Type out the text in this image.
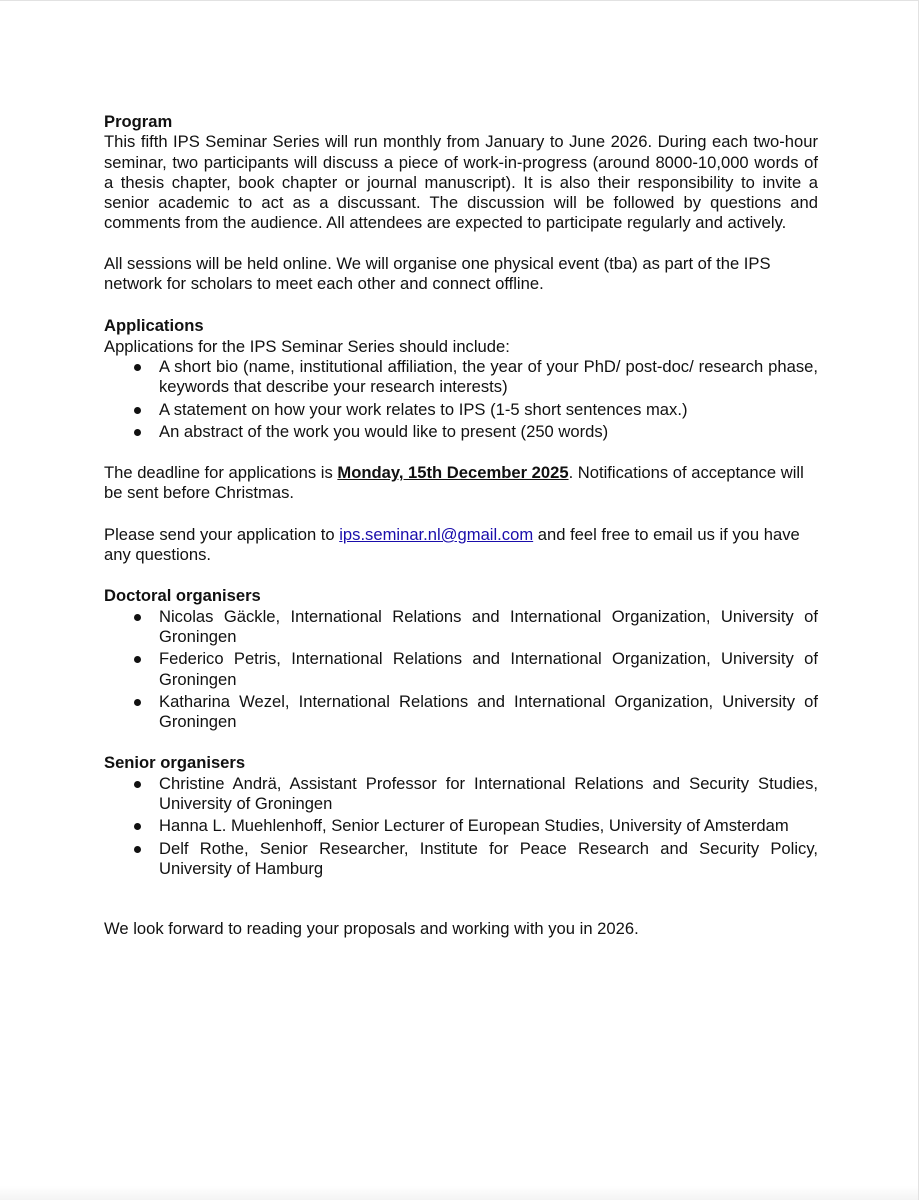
Program

This fifth IPS Seminar Series will run monthly from January to June 2026. During each two-hour seminar, two participants will discuss a piece of work-in-progress (around 8000-10,000 words of a thesis chapter, book chapter or journal manuscript). It is also their responsibility to invite a senior academic to act as a discussant. The discussion will be followed by questions and comments from the audience. All attendees are expected to participate regularly and actively.

All sessions will be held online. We will organise one physical event (tba) as part of the IPS network for scholars to meet each other and connect offline.

Applications

Applications for the IPS Seminar Series should include:

A short bio (name, institutional affiliation, the year of your PhD/ post-doc/ research phase, keywords that describe your research interests)
A statement on how your work relates to IPS (1-5 short sentences max.)
An abstract of the work you would like to present (250 words)

The deadline for applications is Monday, 15th December 2025. Notifications of acceptance will be sent before Christmas.

Please send your application to ips.seminar.nl@gmail.com and feel free to email us if you have any questions.

Doctoral organisers

Nicolas Gäckle, International Relations and International Organization, University of Groningen
Federico Petris, International Relations and International Organization, University of Groningen
Katharina Wezel, International Relations and International Organization, University of Groningen

Senior organisers

Christine Andrä, Assistant Professor for International Relations and Security Studies, University of Groningen
Hanna L. Muehlenhoff, Senior Lecturer of European Studies, University of Amsterdam
Delf Rothe, Senior Researcher, Institute for Peace Research and Security Policy, University of Hamburg

We look forward to reading your proposals and working with you in 2026.
